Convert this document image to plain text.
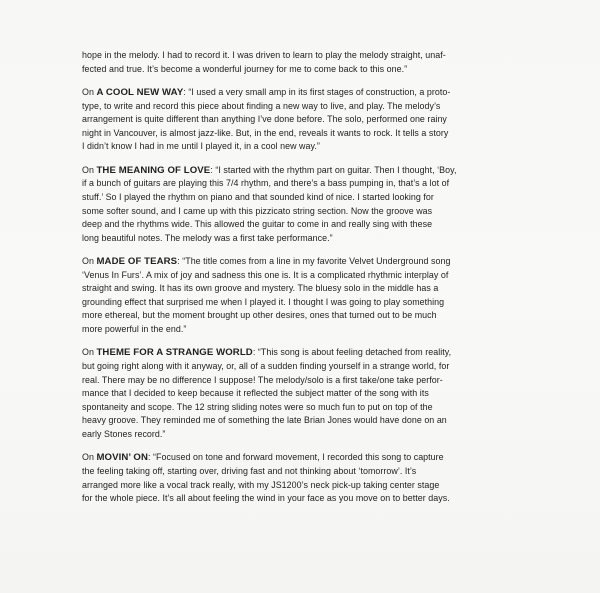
hope in the melody. I had to record it. I was driven to learn to play the melody straight, unaf-
fected and true. It’s become a wonderful journey for me to come back to this one.”

On A COOL NEW WAY: “I used a very small amp in its first stages of construction, a proto-
type, to write and record this piece about finding a new way to live, and play. The melody’s
arrangement is quite different than anything I’ve done before. The solo, performed one rainy
night in Vancouver, is almost jazz-like. But, in the end, reveals it wants to rock. It tells a story
I didn’t know I had in me until I played it, in a cool new way.”

On THE MEANING OF LOVE: “I started with the rhythm part on guitar. Then I thought, ‘Boy,
if a bunch of guitars are playing this 7/4 rhythm, and there’s a bass pumping in, that’s a lot of
stuff.’ So I played the rhythm on piano and that sounded kind of nice. I started looking for
some softer sound, and I came up with this pizzicato string section. Now the groove was
deep and the rhythms wide. This allowed the guitar to come in and really sing with these
long beautiful notes. The melody was a first take performance.”

On MADE OF TEARS: “The title comes from a line in my favorite Velvet Underground song
‘Venus In Furs’. A mix of joy and sadness this one is. It is a complicated rhythmic interplay of
straight and swing. It has its own groove and mystery. The bluesy solo in the middle has a
grounding effect that surprised me when I played it. I thought I was going to play something
more ethereal, but the moment brought up other desires, ones that turned out to be much
more powerful in the end.”

On THEME FOR A STRANGE WORLD: “This song is about feeling detached from reality,
but going right along with it anyway, or, all of a sudden finding yourself in a strange world, for
real. There may be no difference I suppose! The melody/solo is a first take/one take perfor-
mance that I decided to keep because it reflected the subject matter of the song with its
spontaneity and scope. The 12 string sliding notes were so much fun to put on top of the
heavy groove. They reminded me of something the late Brian Jones would have done on an
early Stones record.”

On MOVIN’ ON: “Focused on tone and forward movement, I recorded this song to capture
the feeling taking off, starting over, driving fast and not thinking about ‘tomorrow’. It’s
arranged more like a vocal track really, with my JS1200’s neck pick-up taking center stage
for the whole piece. It’s all about feeling the wind in your face as you move on to better days.
